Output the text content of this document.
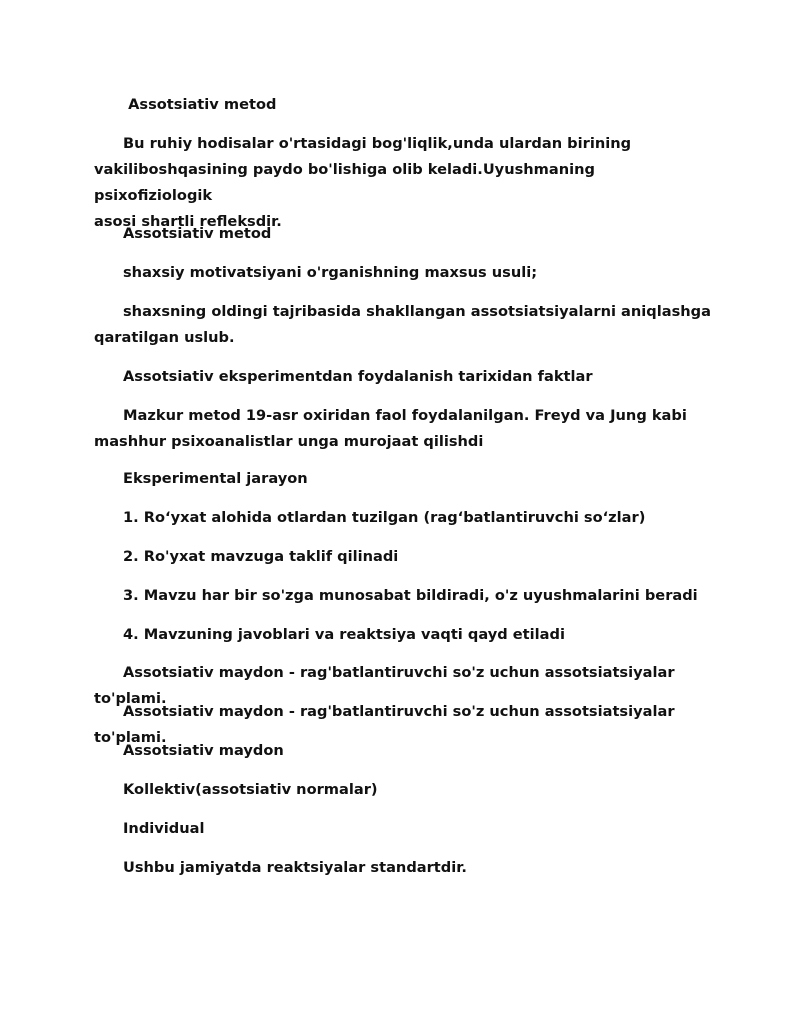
Assotsiativ metod

Bu ruhiy hodisalar o'rtasidagi bog'liqlik,unda ulardan birining
vakiliboshqasining paydo bo'lishiga olib keladi.Uyushmaning psixofiziologik
asosi shartli refleksdir.

Assotsiativ metod

shaxsiy motivatsiyani o'rganishning maxsus usuli;

shaxsning oldingi tajribasida shakllangan assotsiatsiyalarni aniqlashga
qaratilgan uslub.

Assotsiativ eksperimentdan foydalanish tarixidan faktlar

Mazkur metod 19-asr oxiridan faol foydalanilgan. Freyd va Jung kabi
mashhur psixoanalistlar unga murojaat qilishdi

Eksperimental jarayon

1. Ro‘yxat alohida otlardan tuzilgan (rag‘batlantiruvchi so‘zlar)

2. Ro'yxat mavzuga taklif qilinadi

3. Mavzu har bir so'zga munosabat bildiradi, o'z uyushmalarini beradi

4. Mavzuning javoblari va reaktsiya vaqti qayd etiladi

Assotsiativ maydon - rag'batlantiruvchi so'z uchun assotsiatsiyalar to'plami.

Assotsiativ maydon - rag'batlantiruvchi so'z uchun assotsiatsiyalar to'plami.

Assotsiativ maydon

Kollektiv(assotsiativ normalar)

Individual

Ushbu jamiyatda reaktsiyalar standartdir.
